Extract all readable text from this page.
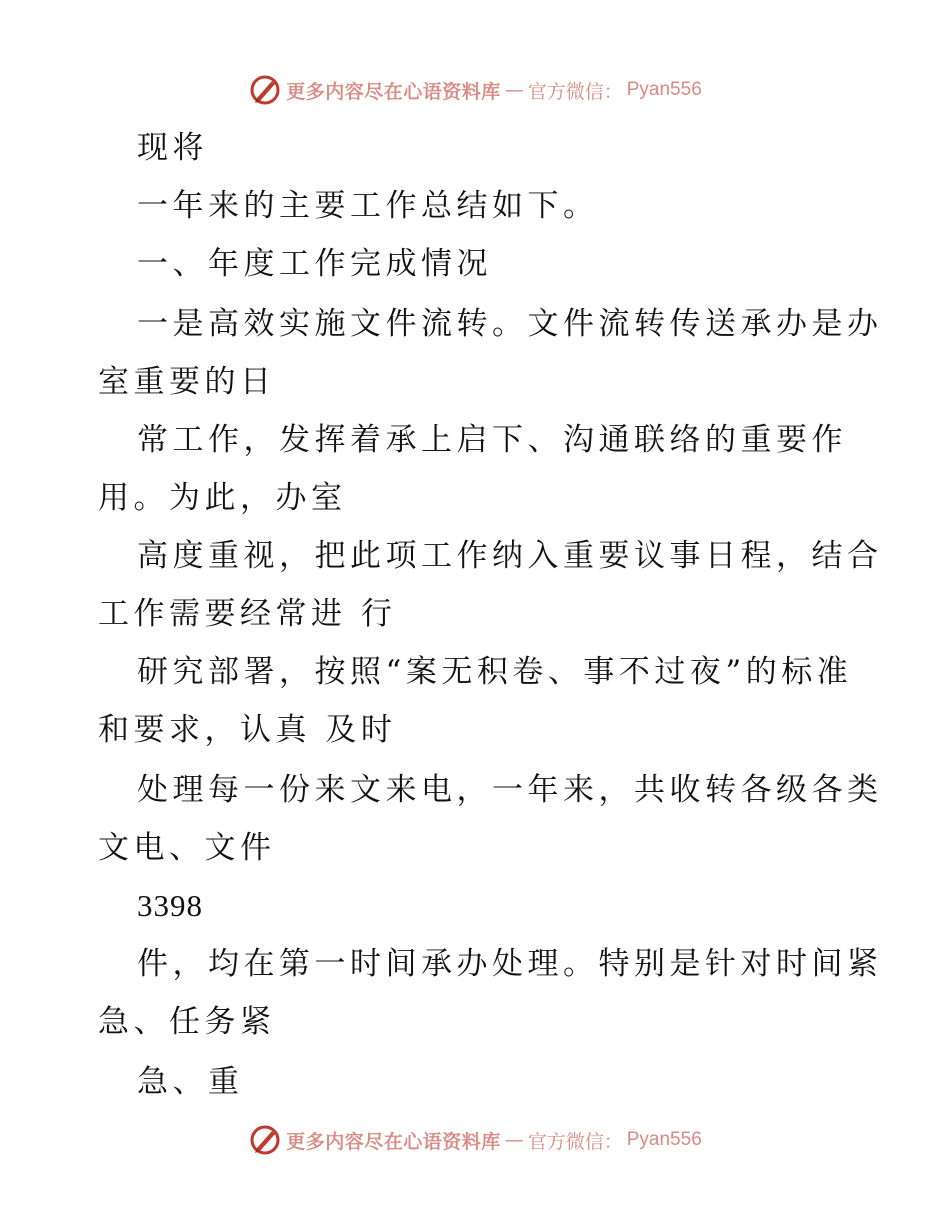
更多内容尽在心语资料库 — 官方微信： Pyan556
现将
一年来的主要工作总结如下。
一、年度工作完成情况
一是高效实施文件流转。文件流转传送承办是办
室重要的日
常工作，发挥着承上启下、沟通联络的重要作
用。为此，办室
高度重视，把此项工作纳入重要议事日程，结合
工作需要经常进 行
研究部署，按照“案无积卷、事不过夜”的标准
和要求，认真 及时
处理每一份来文来电，一年来，共收转各级各类
文电、文件
3398
件，均在第一时间承办处理。特别是针对时间紧
急、任务紧
急、重
更多内容尽在心语资料库 — 官方微信： Pyan556
